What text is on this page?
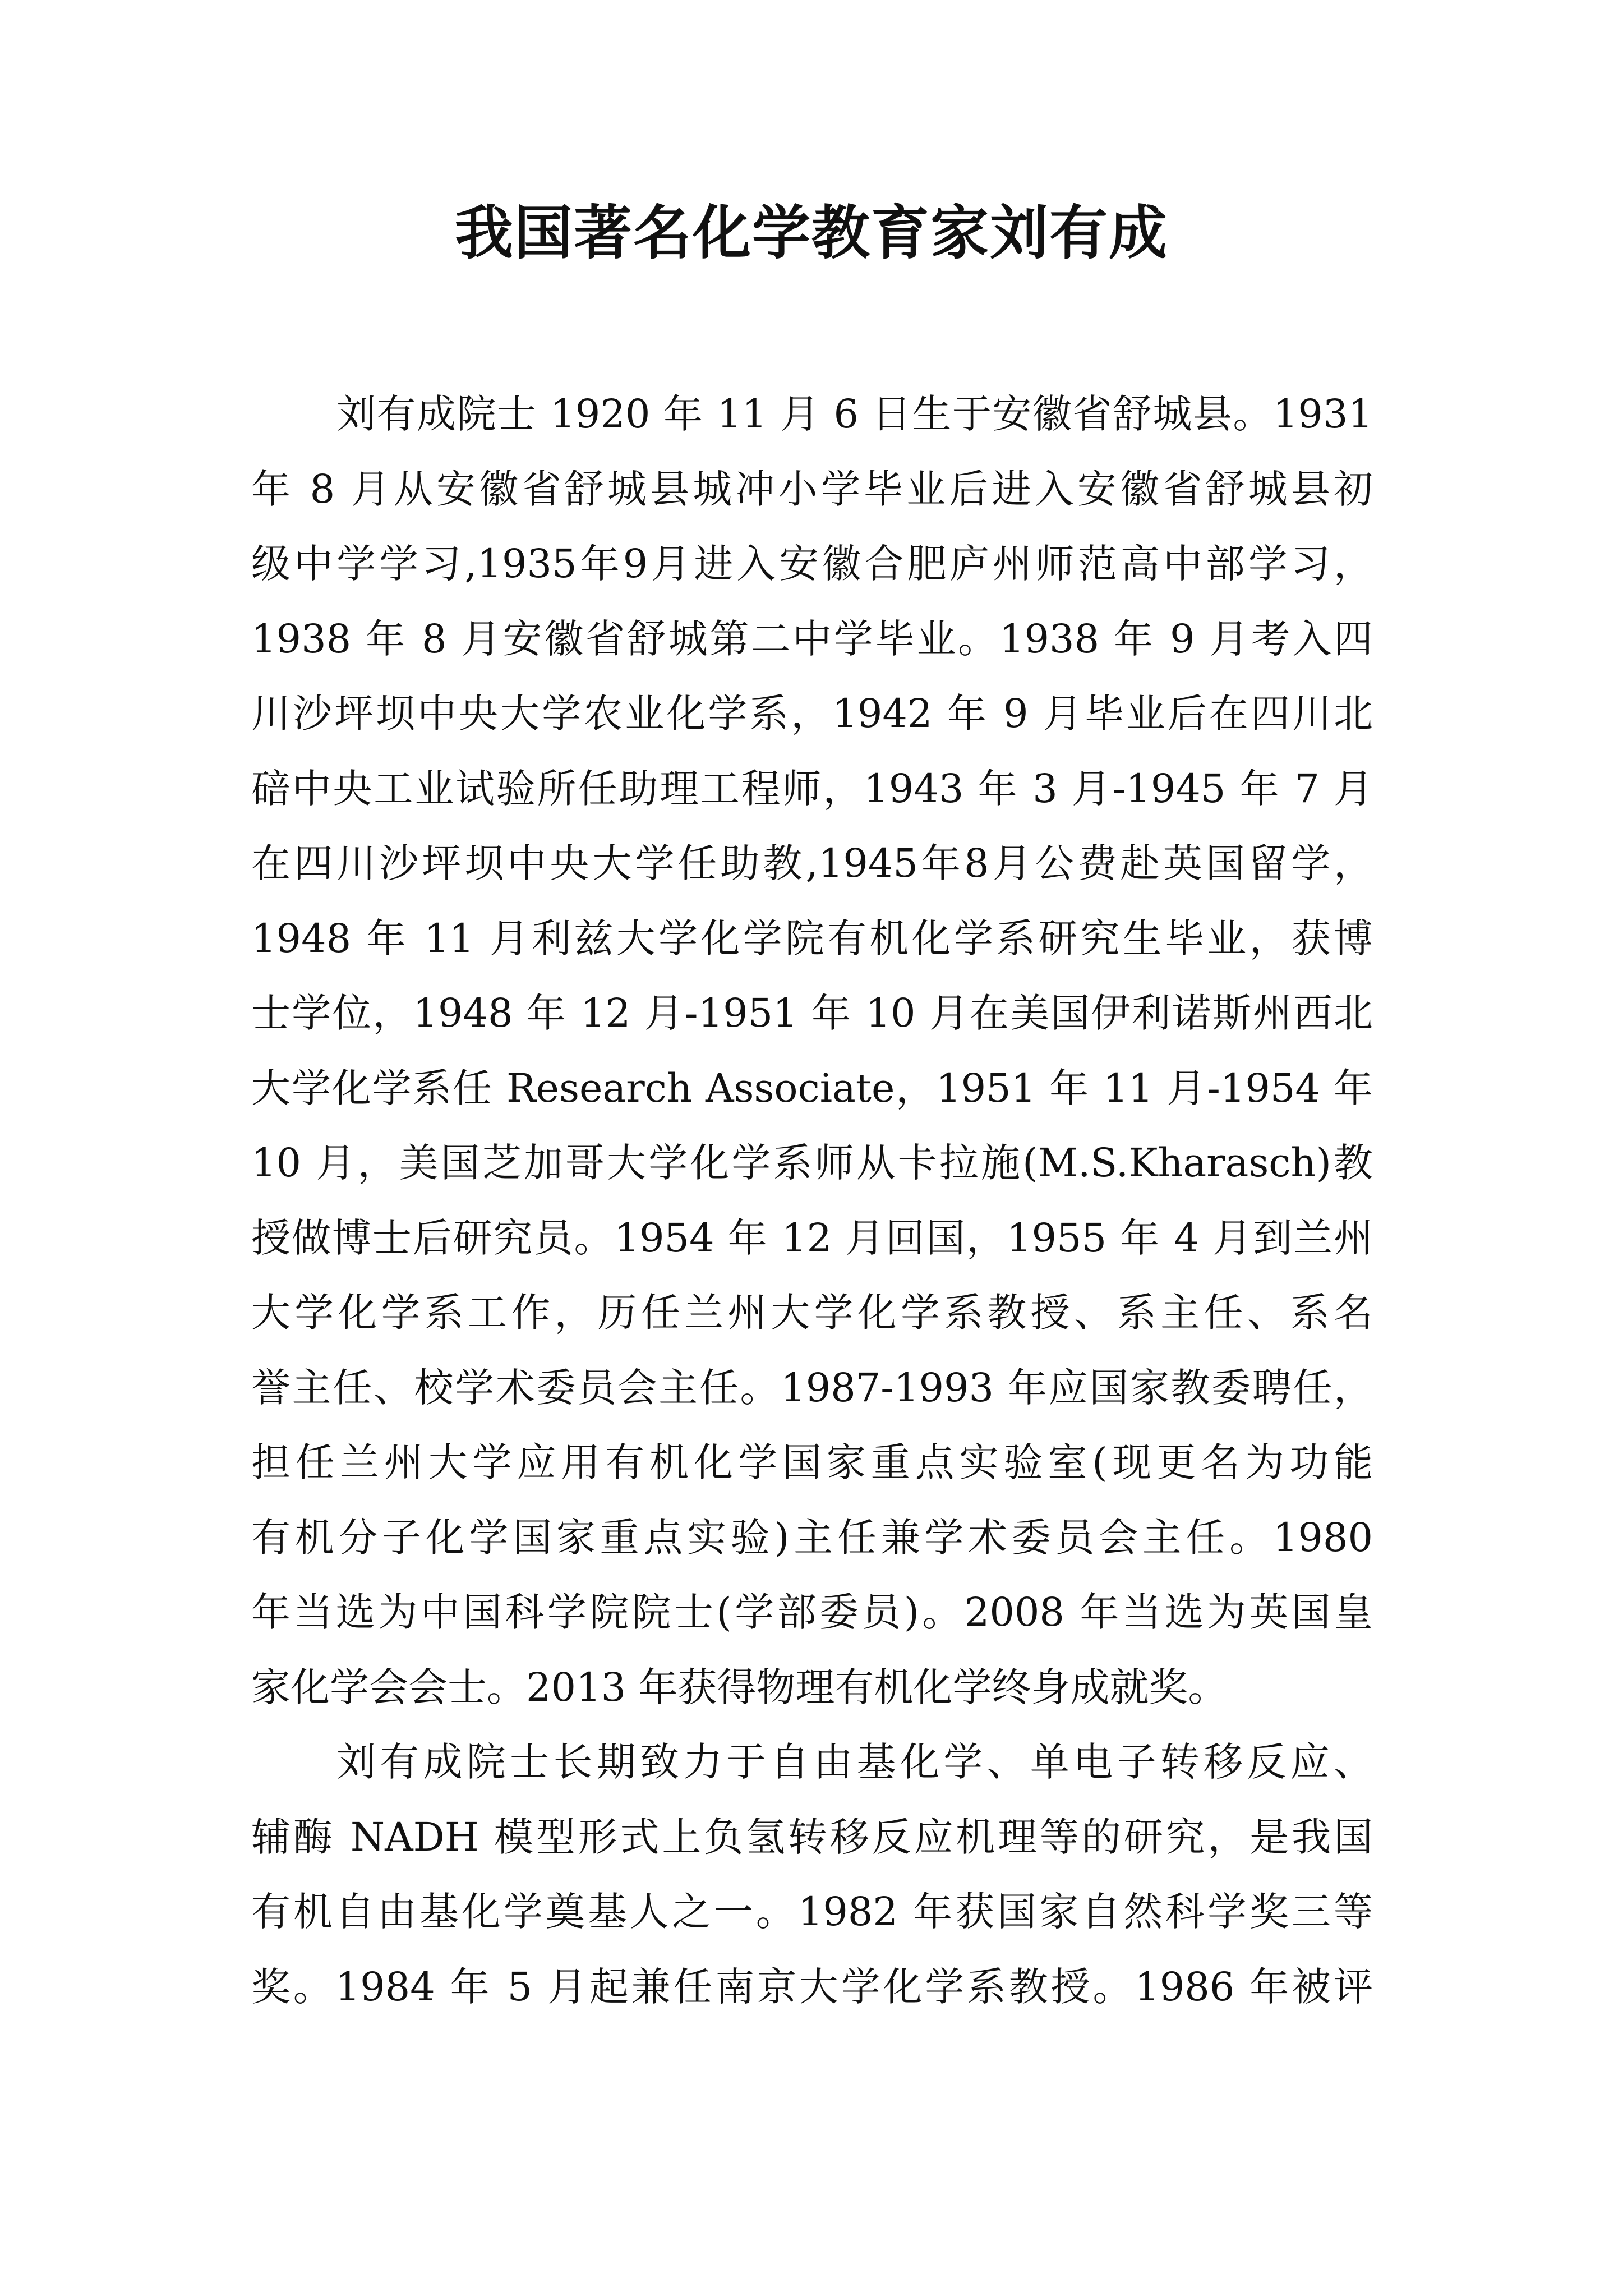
我国著名化学教育家刘有成
刘有成院士 1920 年 11 月 6 日生于安徽省舒城县。1931
年 8 月从安徽省舒城县城冲小学毕业后进入安徽省舒城县初
级中学学习,1935年9月进入安徽合肥庐州师范高中部学习，
1938 年 8 月安徽省舒城第二中学毕业。1938 年 9 月考入四
川沙坪坝中央大学农业化学系，1942 年 9 月毕业后在四川北
碚中央工业试验所任助理工程师，1943 年 3 月-1945 年 7 月
在四川沙坪坝中央大学任助教,1945年8月公费赴英国留学，
1948 年 11 月利兹大学化学院有机化学系研究生毕业，获博
士学位，1948 年 12 月-1951 年 10 月在美国伊利诺斯州西北
大学化学系任 Research Associate，1951 年 11 月-1954 年
10 月，美国芝加哥大学化学系师从卡拉施(M.S.Kharasch)教
授做博士后研究员。1954 年 12 月回国，1955 年 4 月到兰州
大学化学系工作，历任兰州大学化学系教授、系主任、系名
誉主任、校学术委员会主任。1987-1993 年应国家教委聘任，
担任兰州大学应用有机化学国家重点实验室(现更名为功能
有机分子化学国家重点实验)主任兼学术委员会主任。1980
年当选为中国科学院院士(学部委员)。2008 年当选为英国皇
家化学会会士。2013 年获得物理有机化学终身成就奖。
刘有成院士长期致力于自由基化学、单电子转移反应、
辅酶 NADH 模型形式上负氢转移反应机理等的研究，是我国
有机自由基化学奠基人之一。1982 年获国家自然科学奖三等
奖。1984 年 5 月起兼任南京大学化学系教授。1986 年被评
